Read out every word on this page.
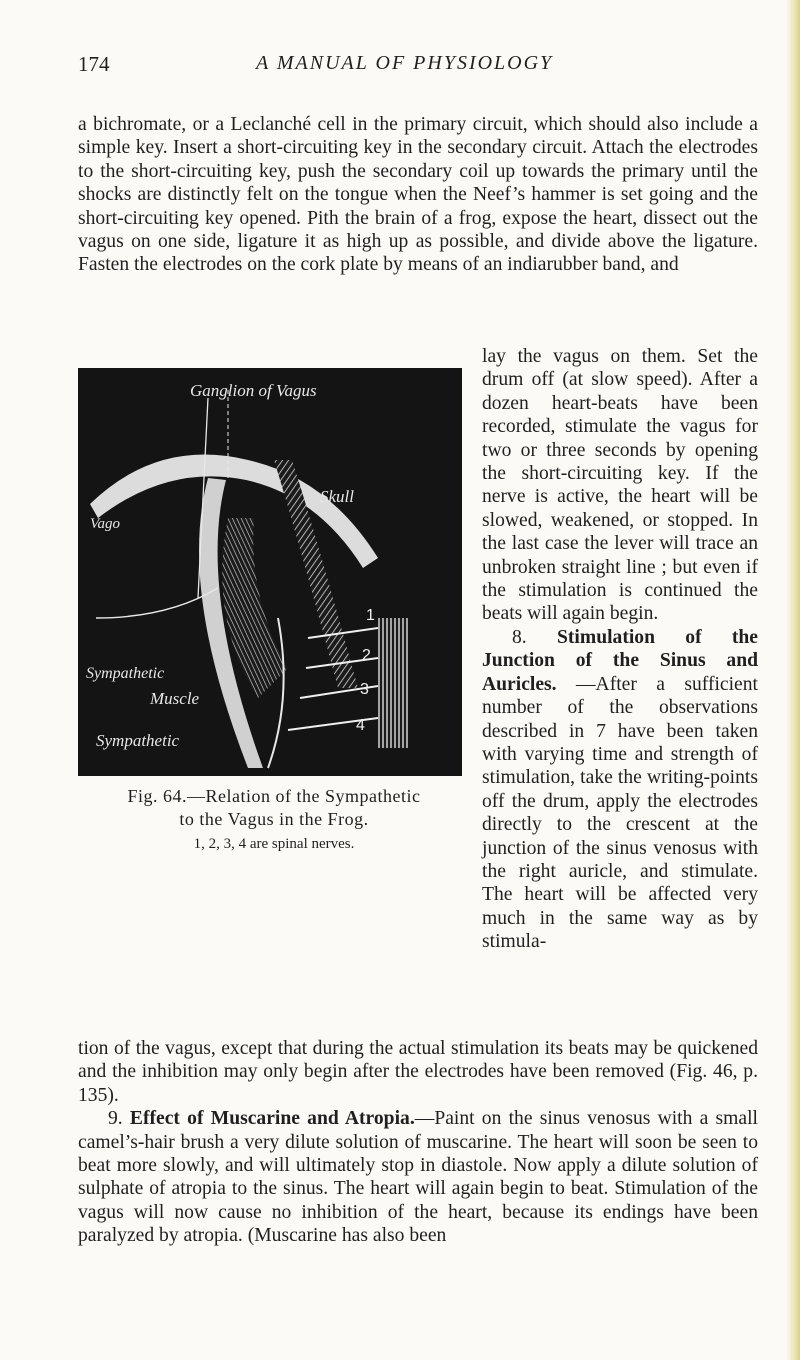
174	A MANUAL OF PHYSIOLOGY

a bichromate, or a Leclanché cell in the primary circuit, which should also include a simple key. Insert a short-circuiting key in the secondary circuit. Attach the electrodes to the short-circuiting key, push the secondary coil up towards the primary until the shocks are distinctly felt on the tongue when the Neef’s hammer is set going and the short-circuiting key opened. Pith the brain of a frog, expose the heart, dissect out the vagus on one side, ligature it as high up as possible, and divide above the ligature. Fasten the electrodes on the cork plate by means of an indiarubber band, and

Ganglion of Vagus
Skull
Vago
Sympathetic
Muscle
Sympathetic
1
2
3
4
Fig. 64.—Relation of the Sympathetic
to the Vagus in the Frog.
1, 2, 3, 4 are spinal nerves.

lay the vagus on them. Set the drum off (at slow speed). After a dozen heart-beats have been recorded, stimulate the vagus for two or three seconds by opening the short-circuiting key. If the nerve is active, the heart will be slowed, weakened, or stopped. In the last case the lever will trace an unbroken straight line ; but even if the stimulation is continued the beats will again begin.

8. Stimulation of the Junction of the Sinus and Auricles. —After a sufficient number of the observations described in 7 have been taken with varying time and strength of stimulation, take the writing-points off the drum, apply the electrodes directly to the crescent at the junction of the sinus venosus with the right auricle, and stimulate. The heart will be affected very much in the same way as by stimula-

tion of the vagus, except that during the actual stimulation its beats may be quickened and the inhibition may only begin after the electrodes have been removed (Fig. 46, p. 135).

9. Effect of Muscarine and Atropia.—Paint on the sinus venosus with a small camel’s-hair brush a very dilute solution of muscarine. The heart will soon be seen to beat more slowly, and will ultimately stop in diastole. Now apply a dilute solution of sulphate of atropia to the sinus. The heart will again begin to beat. Stimulation of the vagus will now cause no inhibition of the heart, because its endings have been paralyzed by atropia. (Muscarine has also been
